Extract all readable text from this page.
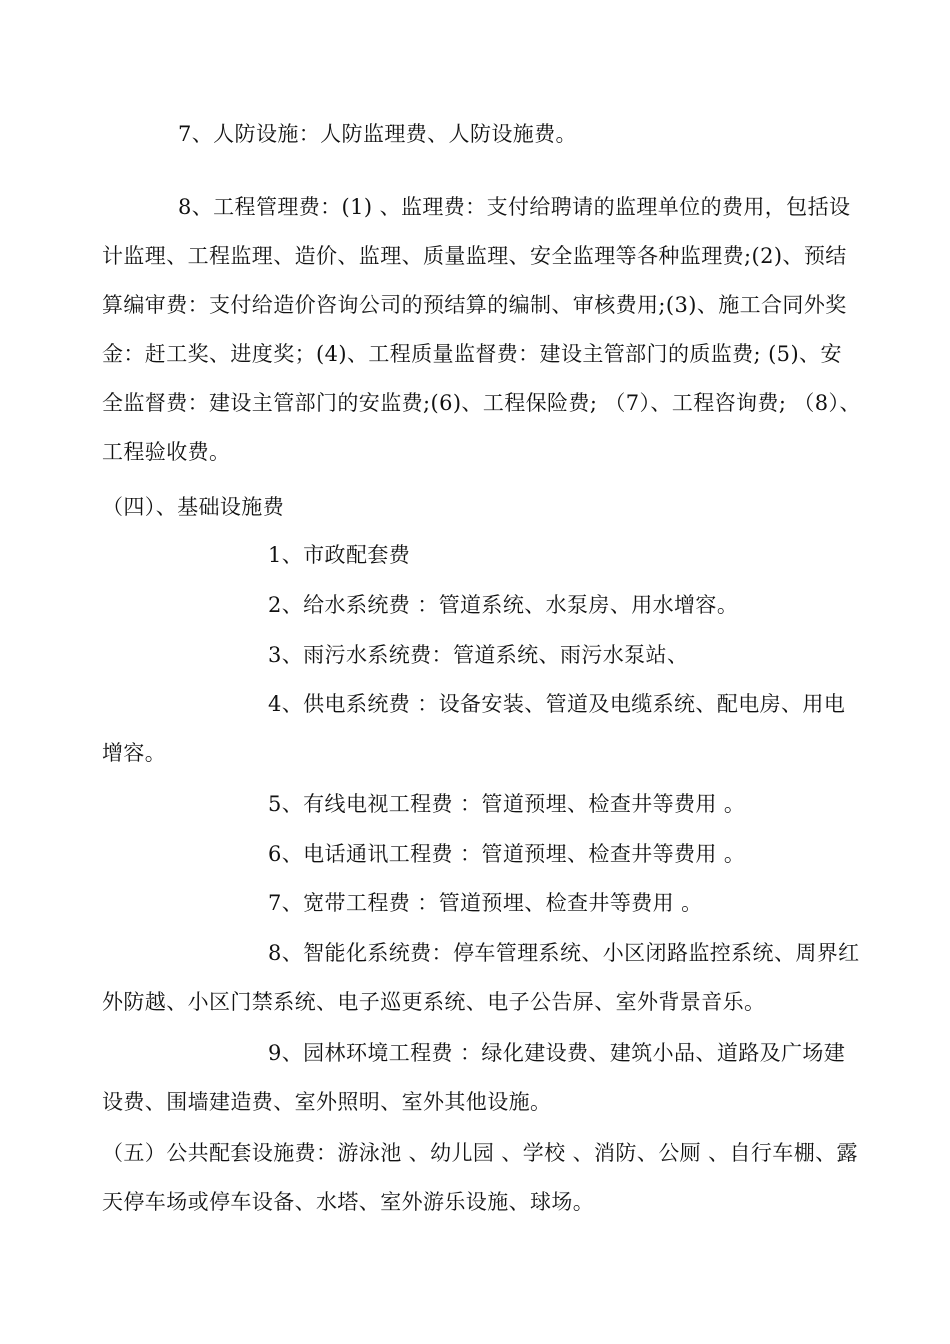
7、人防设施：人防监理费、人防设施费。

8、工程管理费：(1) 、监理费：支付给聘请的监理单位的费用，包括设计监理、工程监理、造价、监理、质量监理、安全监理等各种监理费;(2)、预结算编审费：支付给造价咨询公司的预结算的编制、审核费用;(3)、施工合同外奖金：赶工奖、进度奖；(4)、工程质量监督费：建设主管部门的质监费; (5)、安全监督费：建设主管部门的安监费;(6)、工程保险费; （7）、工程咨询费; （8）、工程验收费。

（四）、基础设施费

1、市政配套费

2、给水系统费 ：管道系统、水泵房、用水增容。

3、雨污水系统费：管道系统、雨污水泵站、

4、供电系统费 ：设备安装、管道及电缆系统、配电房、用电增容。

5、有线电视工程费 ：管道预埋、检查井等费用 。

6、电话通讯工程费 ：管道预埋、检查井等费用 。

7、宽带工程费 ：管道预埋、检查井等费用 。

8、智能化系统费：停车管理系统、小区闭路监控系统、周界红外防越、小区门禁系统、电子巡更系统、电子公告屏、室外背景音乐。

9、园林环境工程费 ：绿化建设费、建筑小品、道路及广场建设费、围墙建造费、室外照明、室外其他设施。

（五）公共配套设施费：游泳池 、幼儿园 、学校 、消防、公厕 、自行车棚、露天停车场或停车设备、水塔、室外游乐设施、球场。
